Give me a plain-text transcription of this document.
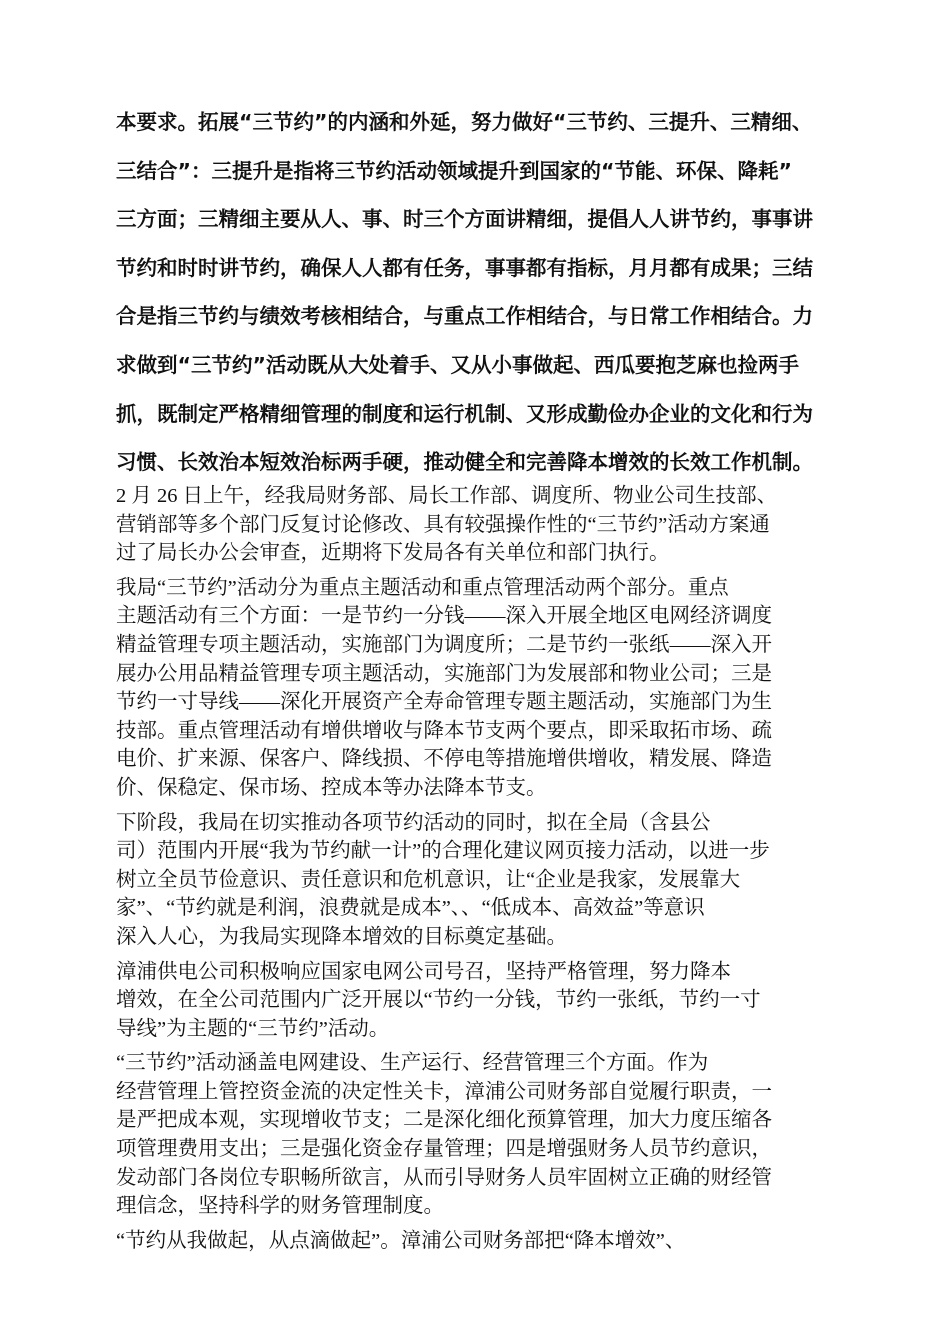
本要求。拓展“三节约”的内涵和外延，努力做好“三节约、三提升、三精细、
三结合”：三提升是指将三节约活动领域提升到国家的“节能、环保、降耗”
三方面；三精细主要从人、事、时三个方面讲精细，提倡人人讲节约，事事讲
节约和时时讲节约，确保人人都有任务，事事都有指标，月月都有成果；三结
合是指三节约与绩效考核相结合，与重点工作相结合，与日常工作相结合。力
求做到“三节约”活动既从大处着手、又从小事做起、西瓜要抱芝麻也捡两手
抓，既制定严格精细管理的制度和运行机制、又形成勤俭办企业的文化和行为
习惯、长效治本短效治标两手硬，推动健全和完善降本增效的长效工作机制。
2 月 26 日上午，经我局财务部、局长工作部、调度所、物业公司生技部、
营销部等多个部门反复讨论修改、具有较强操作性的“三节约”活动方案通
过了局长办公会审查，近期将下发局各有关单位和部门执行。
我局“三节约”活动分为重点主题活动和重点管理活动两个部分。重点
主题活动有三个方面：一是节约一分钱——深入开展全地区电网经济调度
精益管理专项主题活动，实施部门为调度所；二是节约一张纸——深入开
展办公用品精益管理专项主题活动，实施部门为发展部和物业公司；三是
节约一寸导线——深化开展资产全寿命管理专题主题活动，实施部门为生
技部。重点管理活动有增供增收与降本节支两个要点，即采取拓市场、疏
电价、扩来源、保客户、降线损、不停电等措施增供增收，精发展、降造
价、保稳定、保市场、控成本等办法降本节支。
下阶段，我局在切实推动各项节约活动的同时，拟在全局（含县公
司）范围内开展“我为节约献一计”的合理化建议网页接力活动，以进一步
树立全员节俭意识、责任意识和危机意识，让“企业是我家，发展靠大
家”、“节约就是利润，浪费就是成本”、、“低成本、高效益”等意识
深入人心，为我局实现降本增效的目标奠定基础。
漳浦供电公司积极响应国家电网公司号召，坚持严格管理，努力降本
增效，在全公司范围内广泛开展以“节约一分钱，节约一张纸，节约一寸
导线”为主题的“三节约”活动。
“三节约”活动涵盖电网建设、生产运行、经营管理三个方面。作为
经营管理上管控资金流的决定性关卡，漳浦公司财务部自觉履行职责，一
是严把成本观，实现增收节支；二是深化细化预算管理，加大力度压缩各
项管理费用支出；三是强化资金存量管理；四是增强财务人员节约意识，
发动部门各岗位专职畅所欲言，从而引导财务人员牢固树立正确的财经管
理信念，坚持科学的财务管理制度。
“节约从我做起，从点滴做起”。漳浦公司财务部把“降本增效”、
